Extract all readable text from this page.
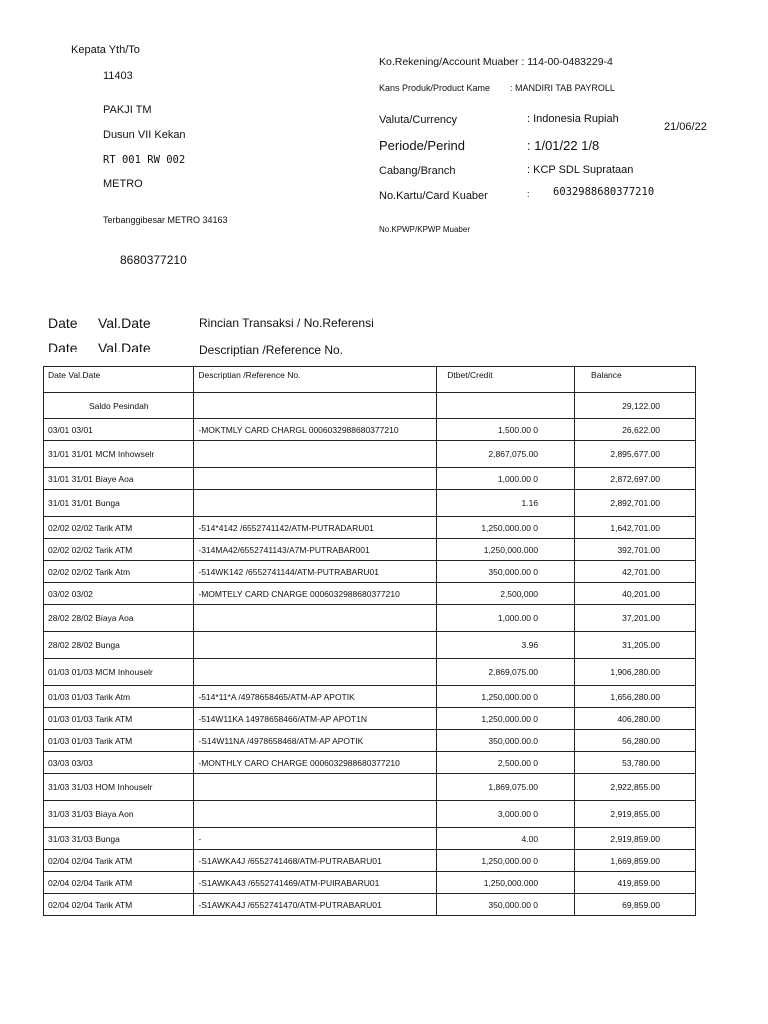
Kepata Yth/To
11403
PAKJI TM
Dusun VII Kekan
RT 001 RW 002
METRO
Terbanggibesar METRO 34163
8680377210
Ko.Rekening/Account Muaber : 114-00-0483229-4
Kans Produk/Product Kame : MANDIRI TAB PAYROLL
Valuta/Currency	: Indonesia Rupiah
21/06/22
Periode/Perind	: 1/01/22 1/8
Cabang/Branch	: KCP SDL Suprataan
No.Kartu/Card Kuaber	: 6032988680377210
No.KPWP/KPWP Muaber
Date Val.Date	Rincian Transaksi / No.Referensi
Date Val.Date	Descriptian /Reference No.
Date Val.Date	Descriptian /Reference No.	Dtbet/Credit	Balance
Saldo Pesindah			29,122.00
03/01 03/01	-MOKTMLY CARD CHARGL 0006032988680377210	1,500.00 0	26,622.00
31/01 31/01 MCM Inhowselr		2,867,075.00	2,895,677.00
31/01 31/01 Biaye Aoa		1,000.00 0	2,872,697.00
31/01 31/01 Bunga		1.16	2,892,701.00
02/02 02/02 Tarik ATM	-514*4142 /6552741142/ATM-PUTRADARU01	1,250,000.00 0	1,642,701.00
02/02 02/02 Tarik ATM	-314MA42/6552741143/A7M-PUTRABAR001	1,250,000.000	392,701.00
02/02 02/02 Tarik Atm	-514WK142 /6552741144/ATM-PUTRABARU01	350,000.00 0	42,701.00
03/02 03/02	-MOMTELY CARD CNARGE 0006032988680377210	2,500,000	40,201.00
28/02 28/02 Biaya Aoa		1,000.00 0	37,201.00
28/02 28/02 Bunga		3.96	31,205.00
01/03 01/03 MCM Inhouselr		2,869,075.00	1,906,280.00
01/03 01/03 Tarik Atm	-514*11*A /4978658465/ATM-AP APOTIK	1,250,000.00 0	1,656,280.00
01/03 01/03 Tarik ATM	-514W11KA 14978658466/ATM-AP APOT1N	1,250,000.00 0	406,280.00
01/03 01/03 Tarik ATM	-S14W11NA /4978658468/ATM-AP APOTIK	350,000.00.0	56,280.00
03/03 03/03	-MONTHLY CARO CHARGE 0006032988680377210	2,500.00 0	53,780.00
31/03 31/03 HOM Inhouselr		1,869,075.00	2,922,855.00
31/03 31/03 Biaya Aon		3,000.00 0	2,919,855.00
31/03 31/03 Bunga	-	4.00	2,919,859.00
02/04 02/04 Tarik ATM	-S1AWKA4J /6552741468/ATM-PUTRABARU01	1,250,000.00 0	1,669,859.00
02/04 02/04 Tarik ATM	-S1AWKA43 /6552741469/ATM-PUIRABARU01	1,250,000.000	419,859.00
02/04 02/04 Tarik ATM	-S1AWKA4J /6552741470/ATM-PUTRABARU01	350,000.00 0	69,859.00
